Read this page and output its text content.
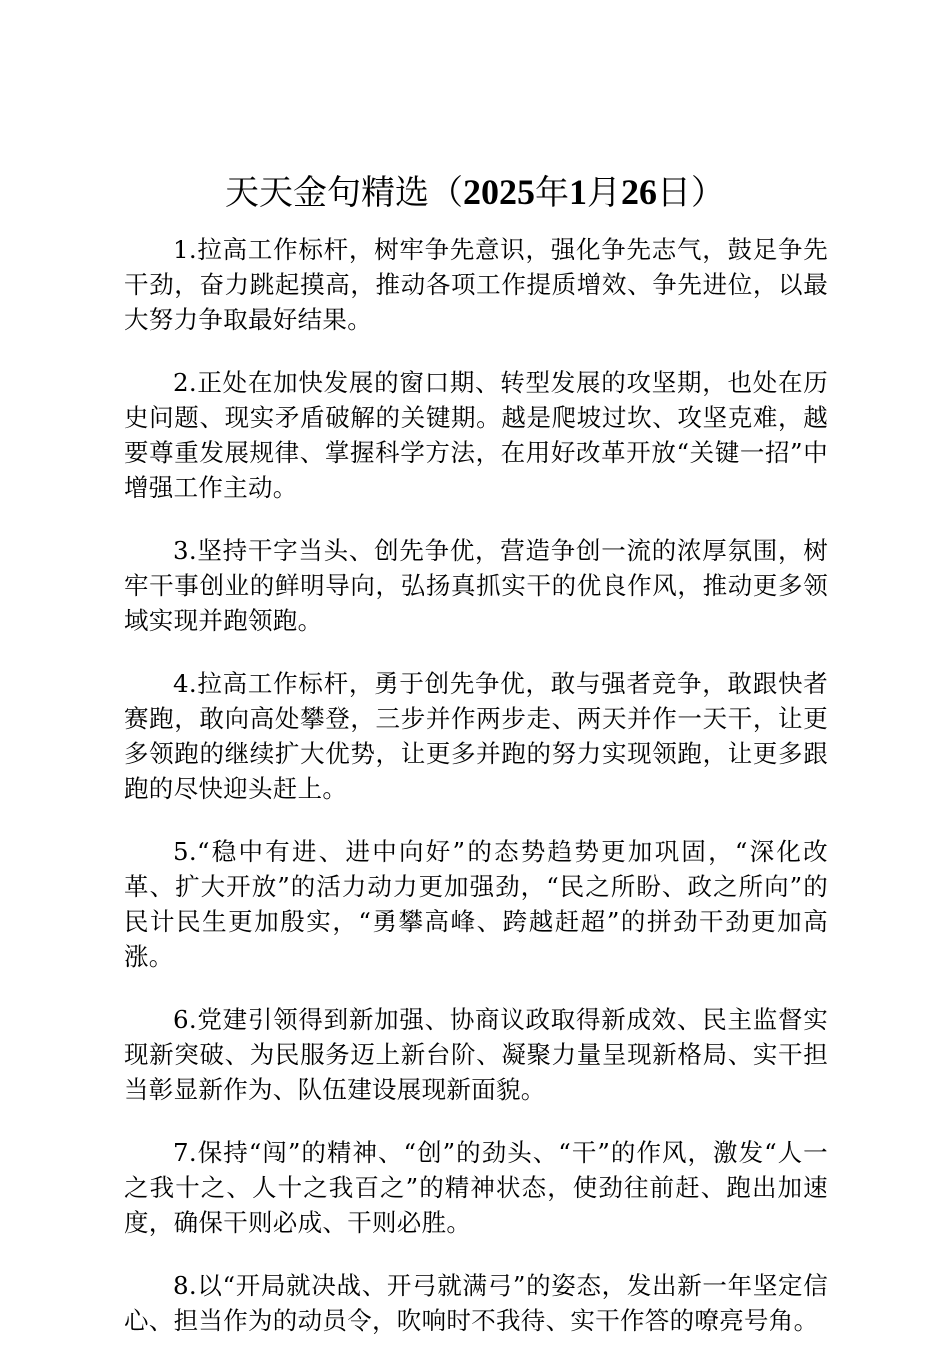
天天金句精选（2025年1月26日）

1.拉高工作标杆，树牢争先意识，强化争先志气，鼓足争先干劲，奋力跳起摸高，推动各项工作提质增效、争先进位，以最大努力争取最好结果。

2.正处在加快发展的窗口期、转型发展的攻坚期，也处在历史问题、现实矛盾破解的关键期。越是爬坡过坎、攻坚克难，越要尊重发展规律、掌握科学方法，在用好改革开放“关键一招”中增强工作主动。

3.坚持干字当头、创先争优，营造争创一流的浓厚氛围，树牢干事创业的鲜明导向，弘扬真抓实干的优良作风，推动更多领域实现并跑领跑。

4.拉高工作标杆，勇于创先争优，敢与强者竞争，敢跟快者赛跑，敢向高处攀登，三步并作两步走、两天并作一天干，让更多领跑的继续扩大优势，让更多并跑的努力实现领跑，让更多跟跑的尽快迎头赶上。

5.“稳中有进、进中向好”的态势趋势更加巩固，“深化改革、扩大开放”的活力动力更加强劲，“民之所盼、政之所向”的民计民生更加殷实，“勇攀高峰、跨越赶超”的拼劲干劲更加高涨。

6.党建引领得到新加强、协商议政取得新成效、民主监督实现新突破、为民服务迈上新台阶、凝聚力量呈现新格局、实干担当彰显新作为、队伍建设展现新面貌。

7.保持“闯”的精神、“创”的劲头、“干”的作风，激发“人一之我十之、人十之我百之”的精神状态，使劲往前赶、跑出加速度，确保干则必成、干则必胜。

8.以“开局就决战、开弓就满弓”的姿态，发出新一年坚定信心、担当作为的动员令，吹响时不我待、实干作答的嘹亮号角。
